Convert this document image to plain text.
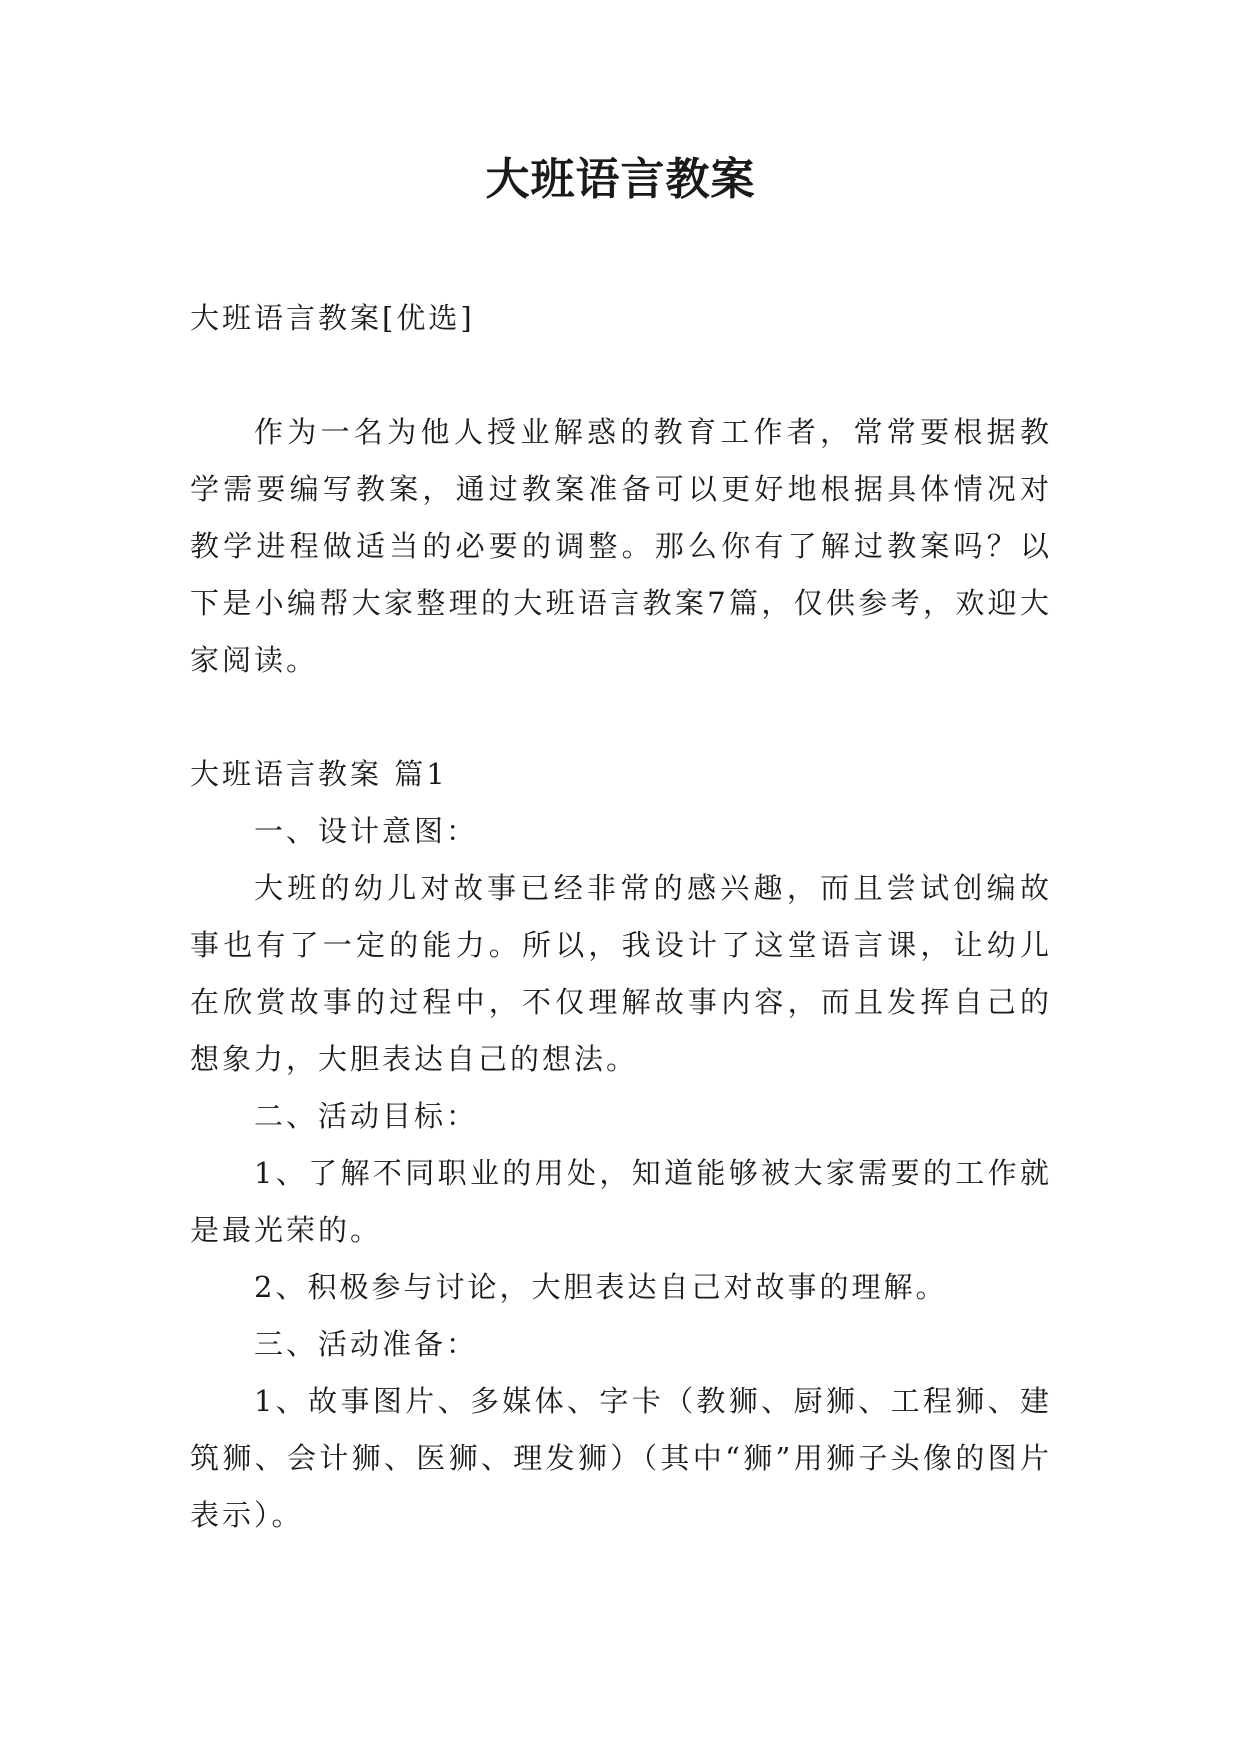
大班语言教案

大班语言教案[优选]

作为一名为他人授业解惑的教育工作者，常常要根据教学需要编写教案，通过教案准备可以更好地根据具体情况对教学进程做适当的必要的调整。那么你有了解过教案吗？以下是小编帮大家整理的大班语言教案7篇，仅供参考，欢迎大家阅读。

大班语言教案 篇1

一、设计意图：

大班的幼儿对故事已经非常的感兴趣，而且尝试创编故事也有了一定的能力。所以，我设计了这堂语言课，让幼儿在欣赏故事的过程中，不仅理解故事内容，而且发挥自己的想象力，大胆表达自己的想法。

二、活动目标：

1、了解不同职业的用处，知道能够被大家需要的工作就是最光荣的。

2、积极参与讨论，大胆表达自己对故事的理解。

三、活动准备：

1、故事图片、多媒体、字卡（教狮、厨狮、工程狮、建筑狮、会计狮、医狮、理发狮）（其中“狮”用狮子头像的图片表示）。
